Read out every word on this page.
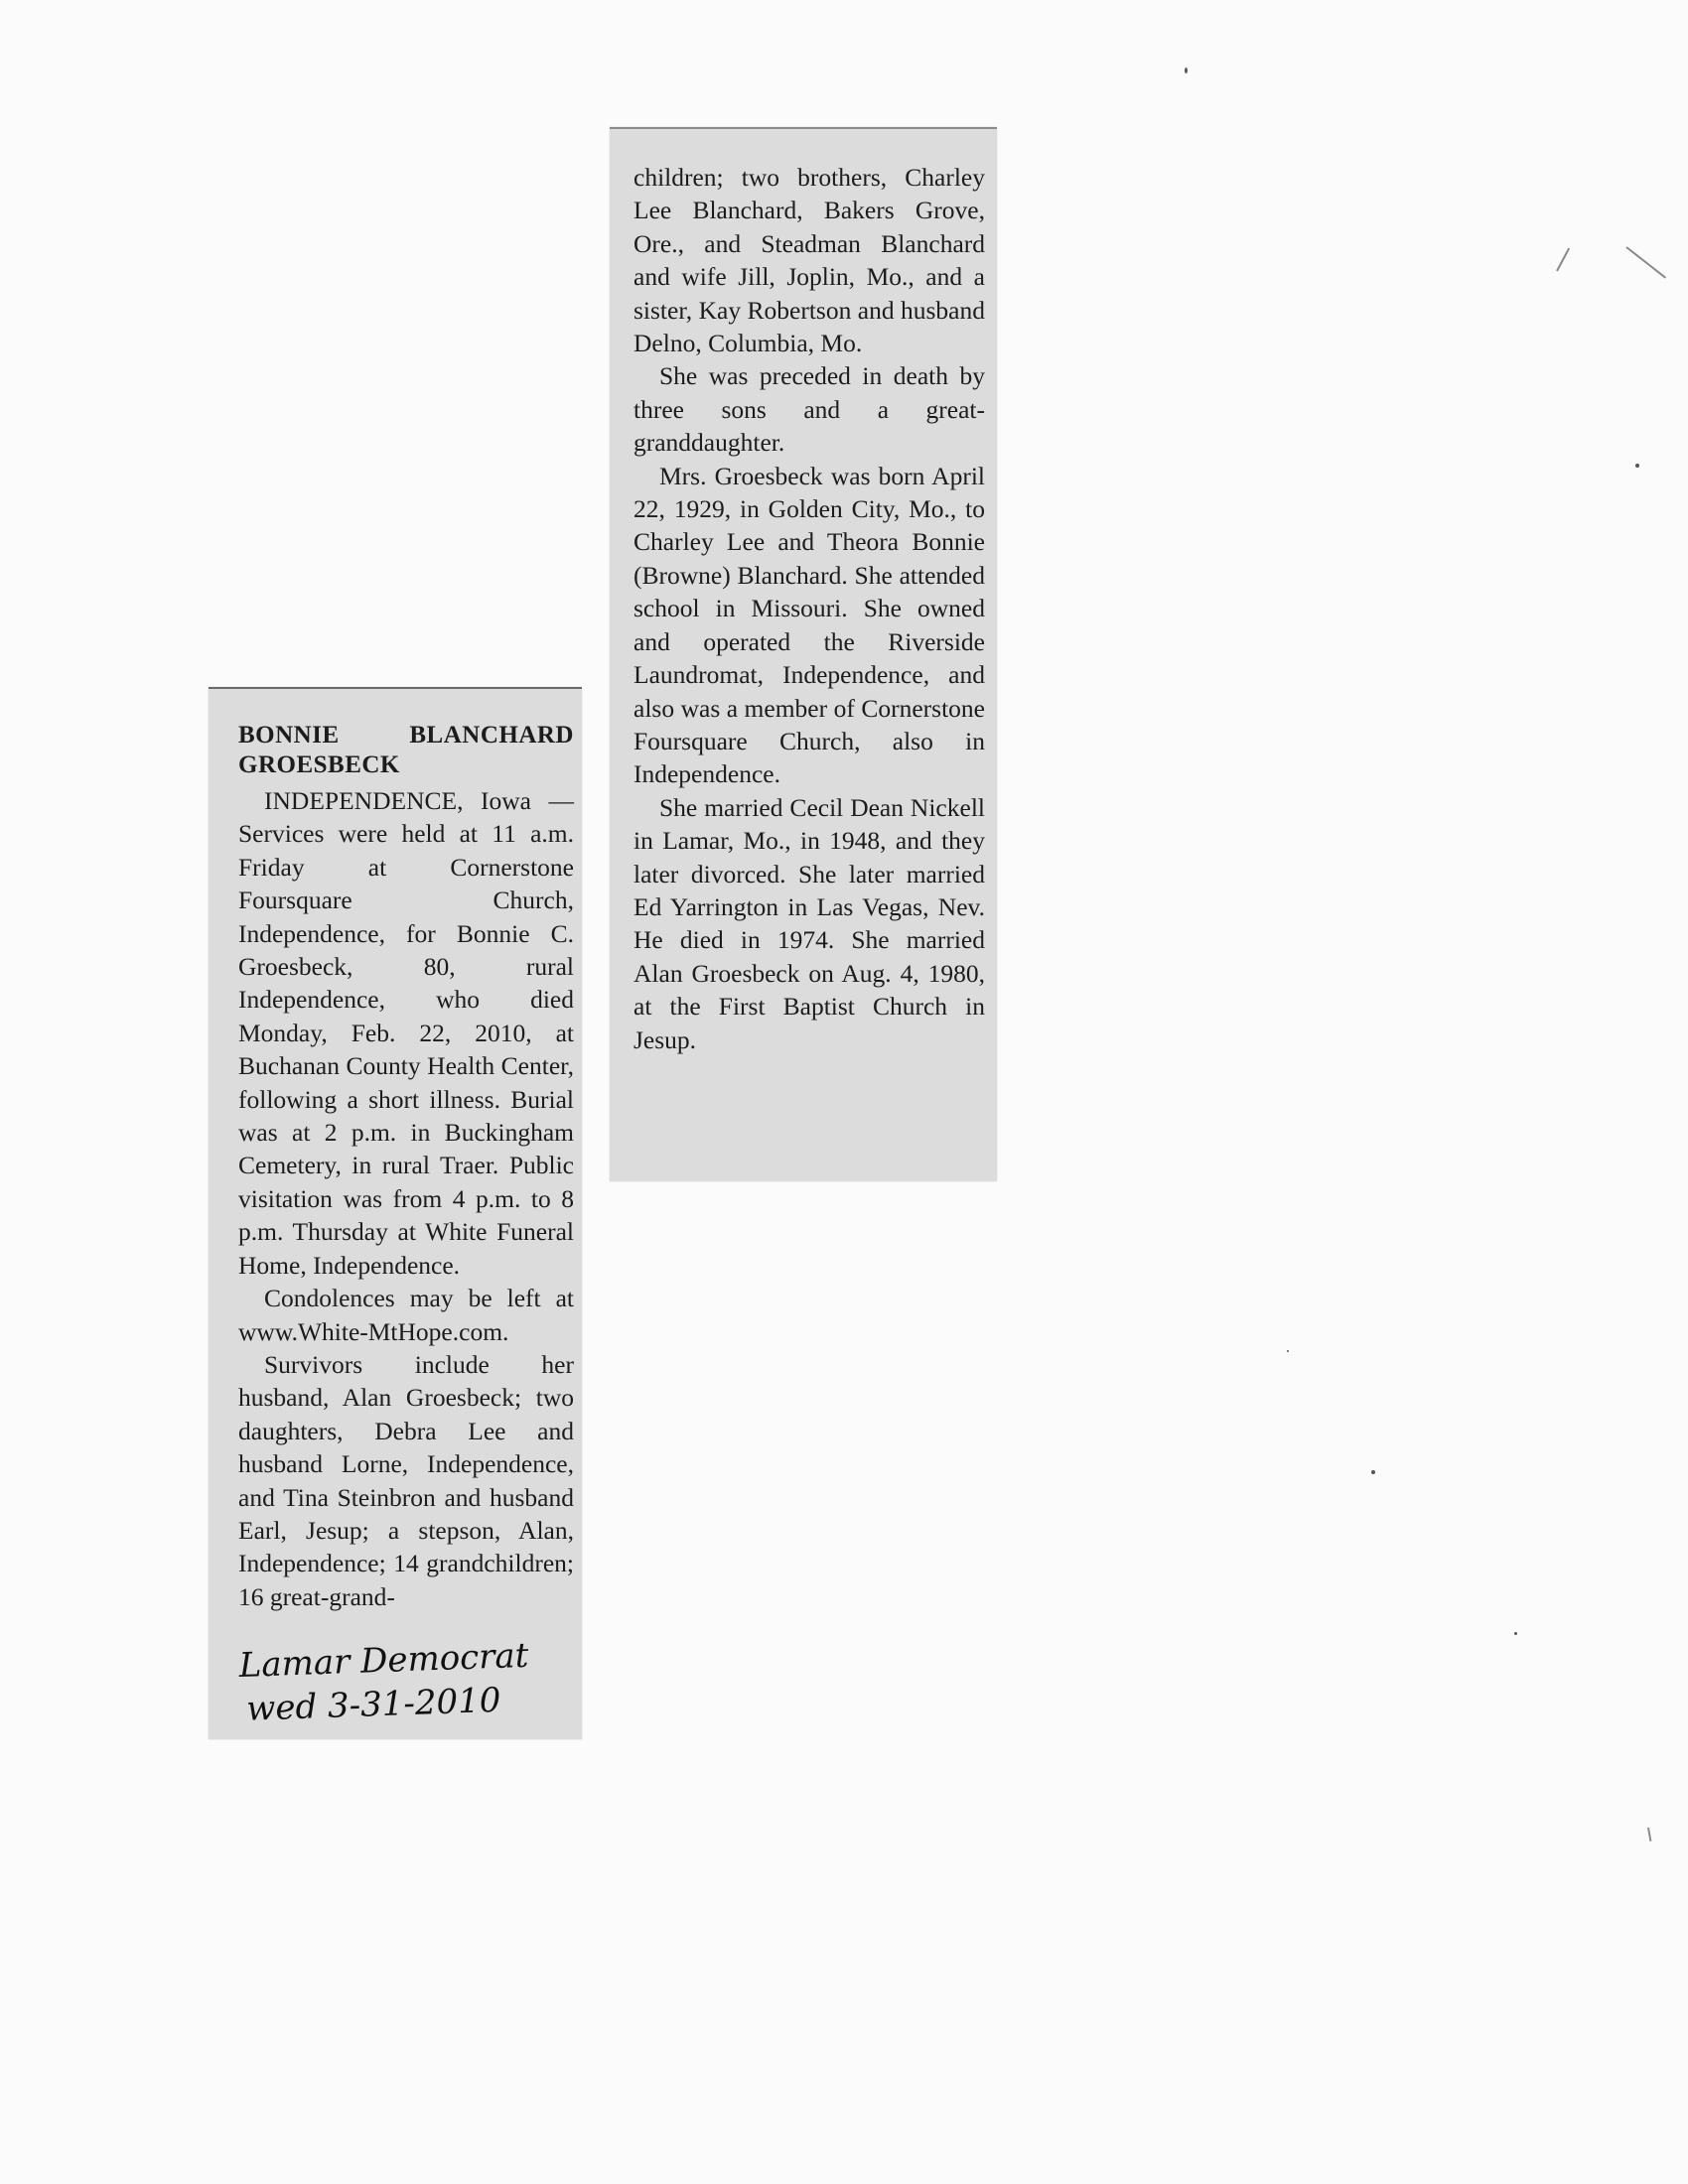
BONNIE BLANCHARD GROESBECK

INDEPENDENCE, Iowa — Services were held at 11 a.m. Friday at Cornerstone Foursquare Church, Independence, for Bonnie C. Groesbeck, 80, rural Independence, who died Monday, Feb. 22, 2010, at Buchanan County Health Center, following a short illness. Burial was at 2 p.m. in Buckingham Cemetery, in rural Traer. Public visitation was from 4 p.m. to 8 p.m. Thursday at White Funeral Home, Independence.

Condolences may be left at www.White-MtHope.com.

Survivors include her husband, Alan Groesbeck; two daughters, Debra Lee and husband Lorne, Independence, and Tina Steinbron and husband Earl, Jesup; a stepson, Alan, Independence; 14 grandchildren; 16 great-grand-

children; two brothers, Charley Lee Blanchard, Bakers Grove, Ore., and Steadman Blanchard and wife Jill, Joplin, Mo., and a sister, Kay Robertson and husband Delno, Columbia, Mo.

She was preceded in death by three sons and a great-granddaughter.

Mrs. Groesbeck was born April 22, 1929, in Golden City, Mo., to Charley Lee and Theora Bonnie (Browne) Blanchard. She attended school in Missouri. She owned and operated the Riverside Laundromat, Independence, and also was a member of Cornerstone Foursquare Church, also in Independence.

She married Cecil Dean Nickell in Lamar, Mo., in 1948, and they later divorced. She later married Ed Yarrington in Las Vegas, Nev. He died in 1974. She married Alan Groesbeck on Aug. 4, 1980, at the First Baptist Church in Jesup.

Lamar Democrat
wed 3-31-2010
